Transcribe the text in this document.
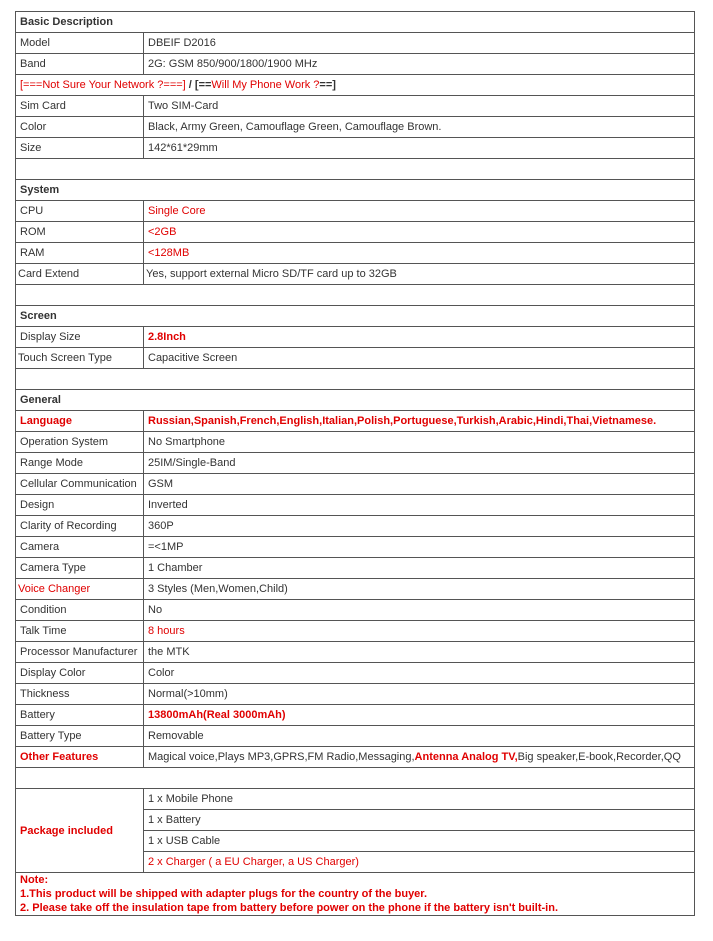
Basic Description	
Model	DBEIF D2016
Band	2G: GSM 850/900/1800/1900 MHz
[===Not Sure Your Network ?===] / [==Will My Phone Work ?==]	
Sim Card	Two SIM-Card
Color	Black, Army Green, Camouflage Green, Camouflage Brown.
Size	142*61*29mm

System	
CPU	Single Core
ROM	<2GB
RAM	<128MB
Card Extend	Yes, support external Micro SD/TF card up to 32GB

Screen	
Display Size	2.8Inch
Touch Screen Type	Capacitive Screen

General	
Language	Russian,Spanish,French,English,Italian,Polish,Portuguese,Turkish,Arabic,Hindi,Thai,Vietnamese.
Operation System	No Smartphone
Range Mode	25IM/Single-Band
Cellular Communication	GSM
Design	Inverted
Clarity of Recording	360P
Camera	=<1MP
Camera Type	1 Chamber
Voice Changer	3 Styles (Men,Women,Child)
Condition	No
Talk Time	8 hours
Processor Manufacturer	the MTK
Display Color	Color
Thickness	Normal(>10mm)
Battery	13800mAh(Real 3000mAh)
Battery Type	Removable
Other Features	Magical voice,Plays MP3,GPRS,FM Radio,Messaging,Antenna Analog TV,Big speaker,E-book,Recorder,QQ

Package included	1 x Mobile Phone
	1 x Battery
	1 x USB Cable
	2 x Charger ( a EU Charger, a US Charger)

Note:
1.This product will be shipped with adapter plugs for the country of the buyer.
2. Please take off the insulation tape from battery before power on the phone if the battery isn't built-in.	
